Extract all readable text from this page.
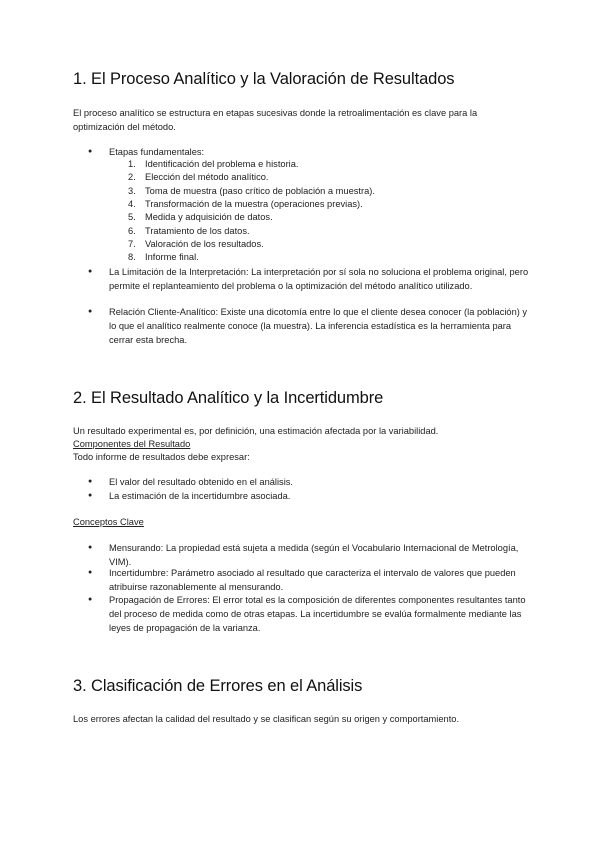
1. El Proceso Analítico y la Valoración de Resultados

El proceso analítico se estructura en etapas sucesivas donde la retroalimentación es clave para la optimización del método.

Etapas fundamentales:
1. Identificación del problema e historia.
2. Elección del método analítico.
3. Toma de muestra (paso crítico de población a muestra).
4. Transformación de la muestra (operaciones previas).
5. Medida y adquisición de datos.
6. Tratamiento de los datos.
7. Valoración de los resultados.
8. Informe final.
La Limitación de la Interpretación: La interpretación por sí sola no soluciona el problema original, pero permite el replanteamiento del problema o la optimización del método analítico utilizado.
Relación Cliente-Analítico: Existe una dicotomía entre lo que el cliente desea conocer (la población) y lo que el analítico realmente conoce (la muestra). La inferencia estadística es la herramienta para cerrar esta brecha.
2. El Resultado Analítico y la Incertidumbre

Un resultado experimental es, por definición, una estimación afectada por la variabilidad.

Componentes del Resultado

Todo informe de resultados debe expresar:

El valor del resultado obtenido en el análisis.
La estimación de la incertidumbre asociada.

Conceptos Clave

Mensurando: La propiedad está sujeta a medida (según el Vocabulario Internacional de Metrología, VIM).
Incertidumbre: Parámetro asociado al resultado que caracteriza el intervalo de valores que pueden atribuirse razonablemente al mensurando.
Propagación de Errores: El error total es la composición de diferentes componentes resultantes tanto del proceso de medida como de otras etapas. La incertidumbre se evalúa formalmente mediante las leyes de propagación de la varianza.
3. Clasificación de Errores en el Análisis

Los errores afectan la calidad del resultado y se clasifican según su origen y comportamiento.
